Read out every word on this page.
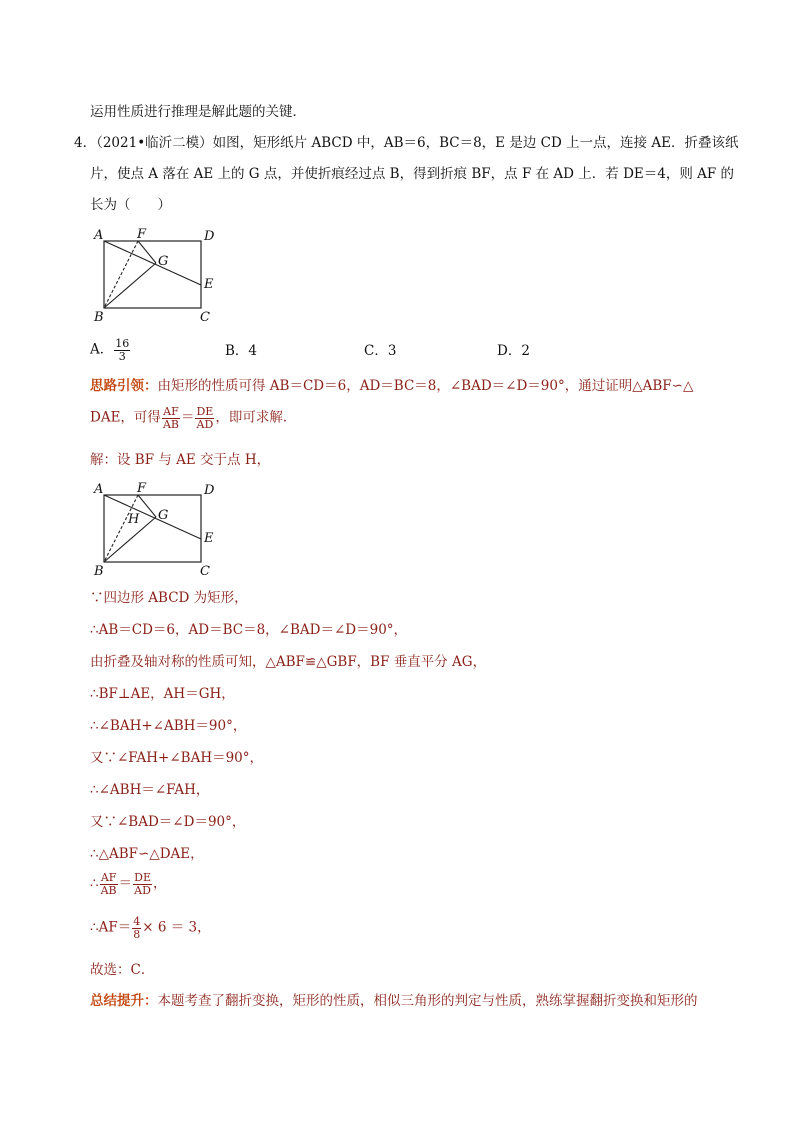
运用性质进行推理是解此题的关键．
4．（2021•临沂二模）如图，矩形纸片 ABCD 中，AB＝6，BC＝8，E 是边 CD 上一点，连接 AE．折叠该纸
片，使点 A 落在 AE 上的 G 点，并使折痕经过点 B，得到折痕 BF，点 F 在 AD 上．若 DE＝4，则 AF 的
长为（　　）
A	F	D
G
E
B	C
A． $\frac{16}{3}$	B．4	C．3	D．2
思路引领：由矩形的性质可得 AB＝CD＝6，AD＝BC＝8，∠BAD＝∠D＝90°，通过证明△ABF∽△
DAE，可得 $\frac{AF}{AB} = \frac{DE}{AD}$ ，即可求解．
解：设 BF 与 AE 交于点 H，
A	F	D
H G
E
B	C
∵四边形 ABCD 为矩形，
∴AB＝CD＝6，AD＝BC＝8，∠BAD＝∠D＝90°，
由折叠及轴对称的性质可知，△ABF≌△GBF，BF 垂直平分 AG，
∴BF⊥AE，AH＝GH，
∴∠BAH+∠ABH＝90°，
又∵∠FAH+∠BAH＝90°，
∴∠ABH＝∠FAH，
又∵∠BAD＝∠D＝90°，
∴△ABF∽△DAE，
∴ $\frac{AF}{AB} = \frac{DE}{AD}$ ，
∴AF＝ $\frac{4}{8} \times 6 = 3$，
故选：C．
总结提升：本题考查了翻折变换，矩形的性质，相似三角形的判定与性质，熟练掌握翻折变换和矩形的
